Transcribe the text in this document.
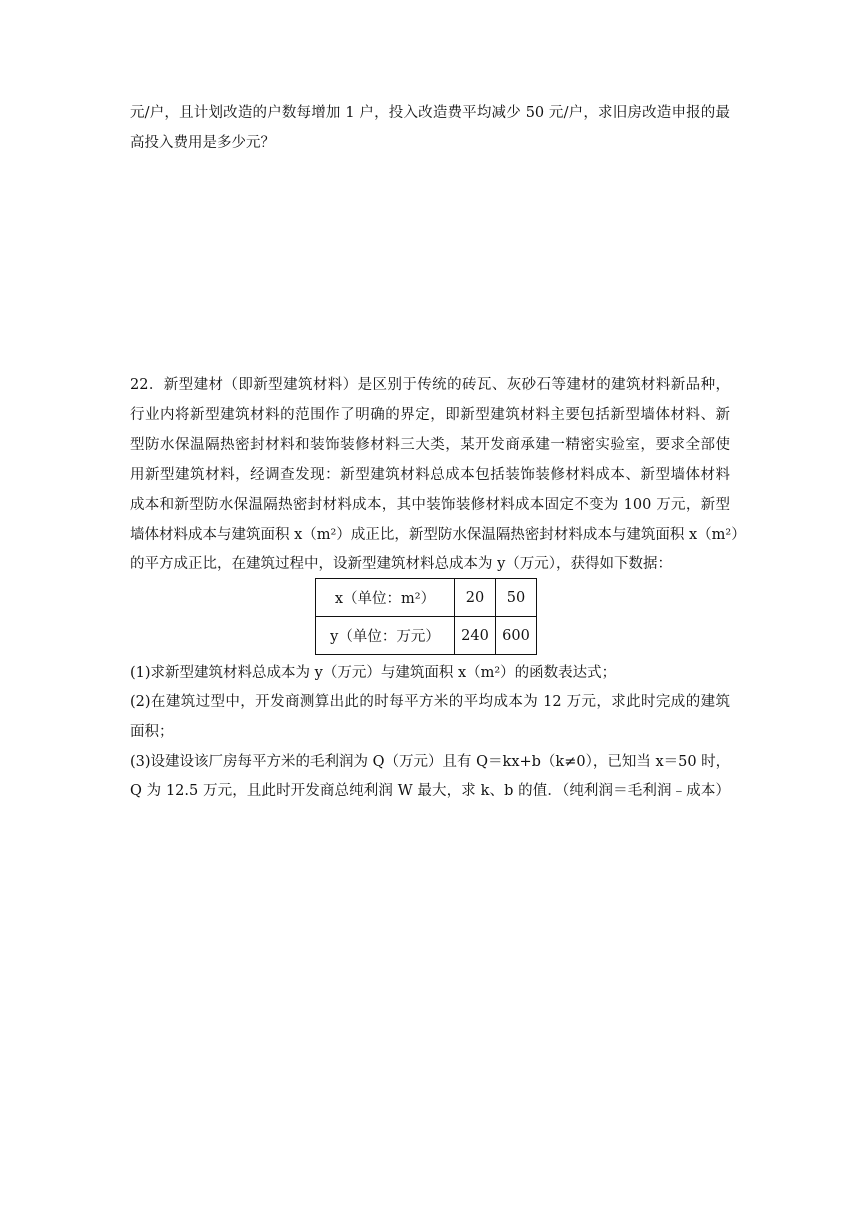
元/户，且计划改造的户数每增加 1 户，投入改造费平均减少 50 元/户，求旧房改造申报的最
高投入费用是多少元？
22．新型建材（即新型建筑材料）是区别于传统的砖瓦、灰砂石等建材的建筑材料新品种，
行业内将新型建筑材料的范围作了明确的界定，即新型建筑材料主要包括新型墙体材料、新
型防水保温隔热密封材料和装饰装修材料三大类，某开发商承建一精密实验室，要求全部使
用新型建筑材料，经调查发现：新型建筑材料总成本包括装饰装修材料成本、新型墙体材料
成本和新型防水保温隔热密封材料成本，其中装饰装修材料成本固定不变为 100 万元，新型
墙体材料成本与建筑面积 x（m²）成正比，新型防水保温隔热密封材料成本与建筑面积 x（m²）
的平方成正比，在建筑过程中，设新型建筑材料总成本为 y（万元），获得如下数据：
x（单位：m²）	20	50
y（单位：万元）	240	600
(1)求新型建筑材料总成本为 y（万元）与建筑面积 x（m²）的函数表达式；
(2)在建筑过型中，开发商测算出此的时每平方米的平均成本为 12 万元，求此时完成的建筑
面积；
(3)设建设该厂房每平方米的毛利润为 Q（万元）且有 Q＝kx+b（k≠0），已知当 x＝50 时，
Q 为 12.5 万元，且此时开发商总纯利润 W 最大，求 k、b 的值．（纯利润＝毛利润﹣成本）
